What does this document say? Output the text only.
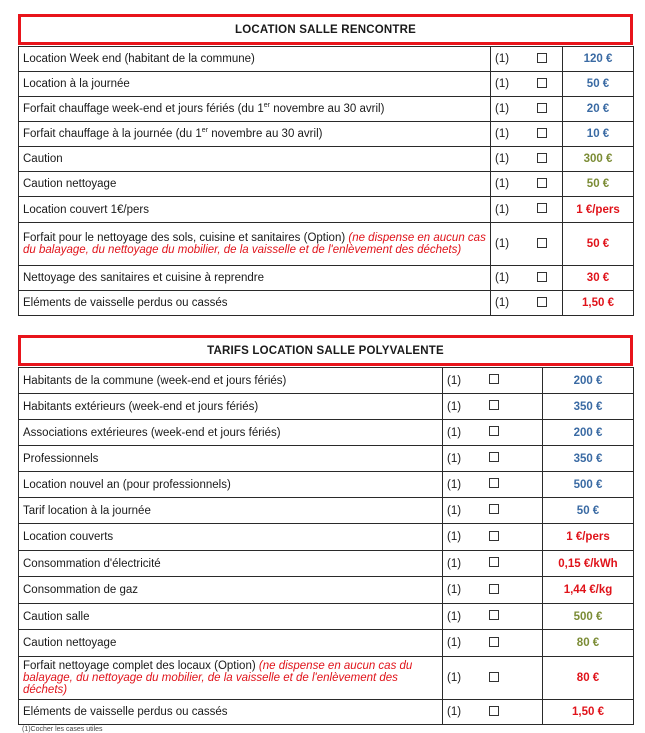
LOCATION SALLE RENCONTRE
Location Week end (habitant de la commune)	(1)	120 €
Location à la journée	(1)	50 €
Forfait chauffage week-end et jours fériés (du 1er novembre au 30 avril)	(1)	20 €
Forfait chauffage à la journée (du 1er novembre au 30 avril)	(1)	10 €
Caution	(1)	300 €
Caution nettoyage	(1)	50 €
Location couvert 1€/pers	(1)	1 €/pers
Forfait pour le nettoyage des sols, cuisine et sanitaires (Option) (ne dispense en aucun cas du balayage, du nettoyage du mobilier, de la vaisselle et de l'enlèvement des déchets)	(1)	50 €
Nettoyage des sanitaires et cuisine à reprendre	(1)	30 €
Eléments de vaisselle perdus ou cassés	(1)	1,50 €
TARIFS LOCATION SALLE POLYVALENTE
Habitants de la commune (week-end et jours fériés)	(1)	200 €
Habitants extérieurs (week-end et jours fériés)	(1)	350 €
Associations extérieures (week-end et jours fériés)	(1)	200 €
Professionnels	(1)	350 €
Location nouvel an (pour professionnels)	(1)	500 €
Tarif location à la journée	(1)	50 €
Location couverts	(1)	1 €/pers
Consommation d'électricité	(1)	0,15 €/kWh
Consommation de gaz	(1)	1,44 €/kg
Caution salle	(1)	500 €
Caution nettoyage	(1)	80 €
Forfait nettoyage complet des locaux (Option) (ne dispense en aucun cas du balayage, du nettoyage du mobilier, de la vaisselle et de l'enlèvement des déchets)	(1)	80 €
Eléments de vaisselle perdus ou cassés	(1)	1,50 €
(1)Cocher les cases utiles
